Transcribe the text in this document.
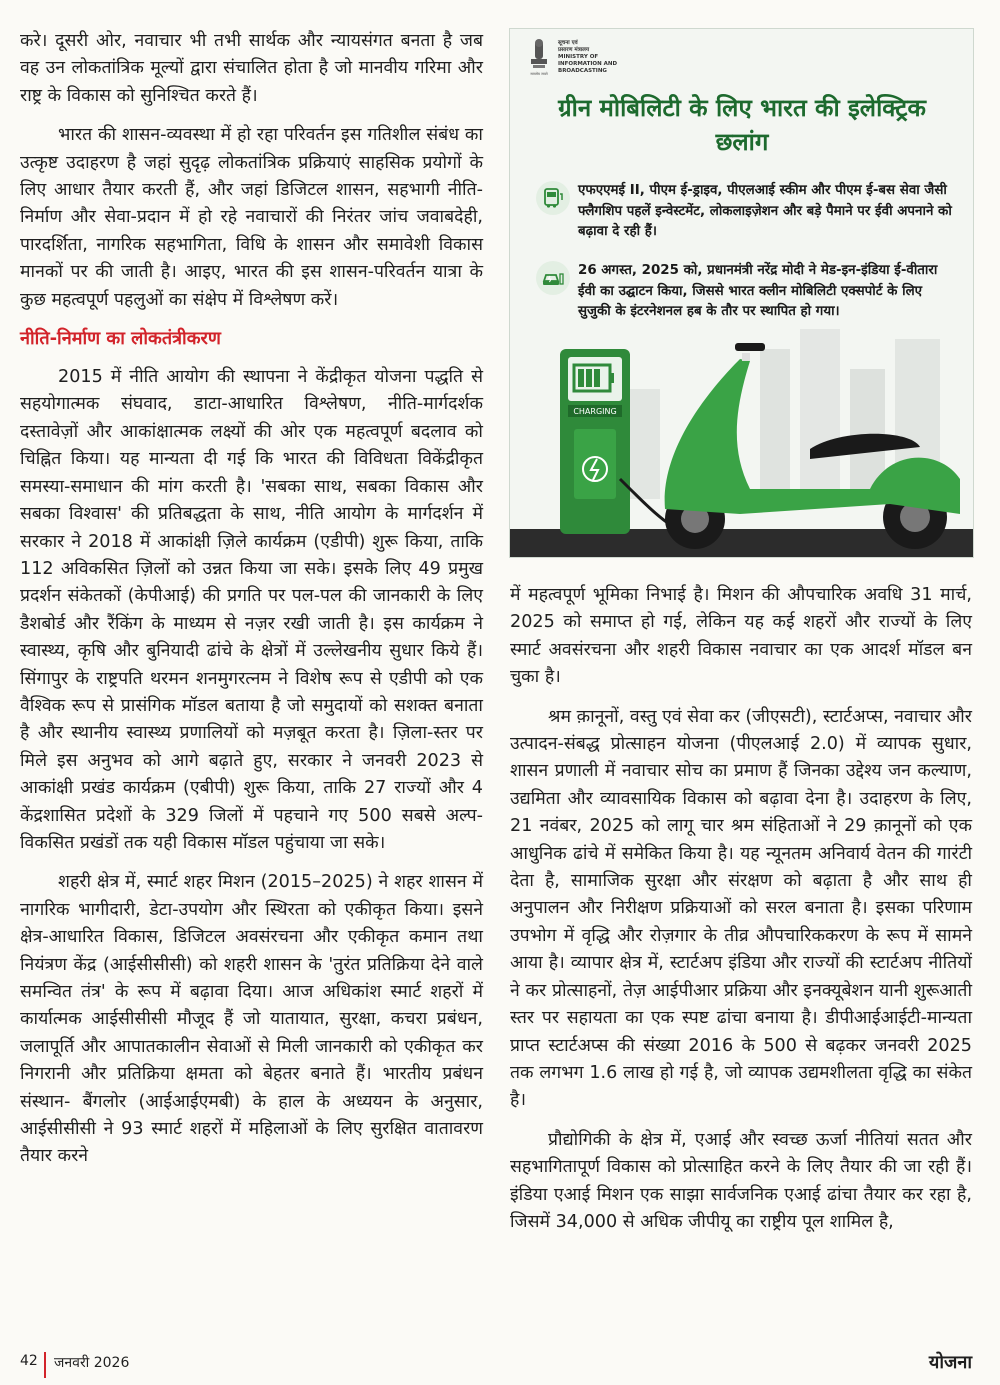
करे। दूसरी ओर, नवाचार भी तभी सार्थक और न्यायसंगत बनता है जब वह उन लोकतांत्रिक मूल्यों द्वारा संचालित होता है जो मानवीय गरिमा और राष्ट्र के विकास को सुनिश्चित करते हैं।

भारत की शासन-व्यवस्था में हो रहा परिवर्तन इस गतिशील संबंध का उत्कृष्ट उदाहरण है जहां सुदृढ़ लोकतांत्रिक प्रक्रियाएं साहसिक प्रयोगों के लिए आधार तैयार करती हैं, और जहां डिजिटल शासन, सहभागी नीति-निर्माण और सेवा-प्रदान में हो रहे नवाचारों की निरंतर जांच जवाबदेही, पारदर्शिता, नागरिक सहभागिता, विधि के शासन और समावेशी विकास मानकों पर की जाती है। आइए, भारत की इस शासन-परिवर्तन यात्रा के कुछ महत्वपूर्ण पहलुओं का संक्षेप में विश्लेषण करें।

नीति-निर्माण का लोकतंत्रीकरण

2015 में नीति आयोग की स्थापना ने केंद्रीकृत योजना पद्धति से सहयोगात्मक संघवाद, डाटा-आधारित विश्लेषण, नीति-मार्गदर्शक दस्तावेज़ों और आकांक्षात्मक लक्ष्यों की ओर एक महत्वपूर्ण बदलाव को चिह्नित किया। यह मान्यता दी गई कि भारत की विविधता विकेंद्रीकृत समस्या-समाधान की मांग करती है। 'सबका साथ, सबका विकास और सबका विश्वास' की प्रतिबद्धता के साथ, नीति आयोग के मार्गदर्शन में सरकार ने 2018 में आकांक्षी ज़िले कार्यक्रम (एडीपी) शुरू किया, ताकि 112 अविकसित ज़िलों को उन्नत किया जा सके। इसके लिए 49 प्रमुख प्रदर्शन संकेतकों (केपीआई) की प्रगति पर पल-पल की जानकारी के लिए डैशबोर्ड और रैंकिंग के माध्यम से नज़र रखी जाती है। इस कार्यक्रम ने स्वास्थ्य, कृषि और बुनियादी ढांचे के क्षेत्रों में उल्लेखनीय सुधार किये हैं। सिंगापुर के राष्ट्रपति थरमन शनमुगरत्नम ने विशेष रूप से एडीपी को एक वैश्विक रूप से प्रासंगिक मॉडल बताया है जो समुदायों को सशक्त बनाता है और स्थानीय स्वास्थ्य प्रणालियों को मज़बूत करता है। ज़िला-स्तर पर मिले इस अनुभव को आगे बढ़ाते हुए, सरकार ने जनवरी 2023 से आकांक्षी प्रखंड कार्यक्रम (एबीपी) शुरू किया, ताकि 27 राज्यों और 4 केंद्रशासित प्रदेशों के 329 जिलों में पहचाने गए 500 सबसे अल्प-विकसित प्रखंडों तक यही विकास मॉडल पहुंचाया जा सके।

शहरी क्षेत्र में, स्मार्ट शहर मिशन (2015–2025) ने शहर शासन में नागरिक भागीदारी, डेटा-उपयोग और स्थिरता को एकीकृत किया। इसने क्षेत्र-आधारित विकास, डिजिटल अवसंरचना और एकीकृत कमान तथा नियंत्रण केंद्र (आईसीसीसी) को शहरी शासन के 'तुरंत प्रतिक्रिया देने वाले समन्वित तंत्र' के रूप में बढ़ावा दिया। आज अधिकांश स्मार्ट शहरों में कार्यात्मक आईसीसीसी मौजूद हैं जो यातायात, सुरक्षा, कचरा प्रबंधन, जलापूर्ति और आपातकालीन सेवाओं से मिली जानकारी को एकीकृत कर निगरानी और प्रतिक्रिया क्षमता को बेहतर बनाते हैं। भारतीय प्रबंधन संस्थान- बैंगलोर (आईआईएमबी) के हाल के अध्ययन के अनुसार, आईसीसीसी ने 93 स्मार्ट शहरों में महिलाओं के लिए सुरक्षित वातावरण तैयार करने

सत्यमेव जयते
सूचना एवं
प्रसारण मंत्रालय
MINISTRY OF
INFORMATION AND
BROADCASTING
ग्रीन मोबिलिटी के लिए भारत की इलेक्ट्रिक छलांग
एफएएमई II, पीएम ई-ड्राइव, पीएलआई स्कीम और पीएम ई-बस सेवा जैसी फ्लैगशिप पहलें इन्वेस्टमेंट, लोकलाइज़ेशन और बड़े पैमाने पर ईवी अपनाने को बढ़ावा दे रही हैं।
26 अगस्त, 2025 को, प्रधानमंत्री नरेंद्र मोदी ने मेड-इन-इंडिया ई-वीतारा ईवी का उद्घाटन किया, जिससे भारत क्लीन मोबिलिटी एक्सपोर्ट के लिए सुजुकी के इंटरनेशनल हब के तौर पर स्थापित हो गया।
CHARGING

में महत्वपूर्ण भूमिका निभाई है। मिशन की औपचारिक अवधि 31 मार्च, 2025 को समाप्त हो गई, लेकिन यह कई शहरों और राज्यों के लिए स्मार्ट अवसंरचना और शहरी विकास नवाचार का एक आदर्श मॉडल बन चुका है।

श्रम क़ानूनों, वस्तु एवं सेवा कर (जीएसटी), स्टार्टअप्स, नवाचार और उत्पादन-संबद्ध प्रोत्साहन योजना (पीएलआई 2.0) में व्यापक सुधार, शासन प्रणाली में नवाचार सोच का प्रमाण हैं जिनका उद्देश्य जन कल्याण, उद्यमिता और व्यावसायिक विकास को बढ़ावा देना है। उदाहरण के लिए, 21 नवंबर, 2025 को लागू चार श्रम संहिताओं ने 29 क़ानूनों को एक आधुनिक ढांचे में समेकित किया है। यह न्यूनतम अनिवार्य वेतन की गारंटी देता है, सामाजिक सुरक्षा और संरक्षण को बढ़ाता है और साथ ही अनुपालन और निरीक्षण प्रक्रियाओं को सरल बनाता है। इसका परिणाम उपभोग में वृद्धि और रोज़गार के तीव्र औपचारिककरण के रूप में सामने आया है। व्यापार क्षेत्र में, स्टार्टअप इंडिया और राज्यों की स्टार्टअप नीतियों ने कर प्रोत्साहनों, तेज़ आईपीआर प्रक्रिया और इनक्यूबेशन यानी शुरूआती स्तर पर सहायता का एक स्पष्ट ढांचा बनाया है। डीपीआईआईटी-मान्यता प्राप्त स्टार्टअप्स की संख्या 2016 के 500 से बढ़कर जनवरी 2025 तक लगभग 1.6 लाख हो गई है, जो व्यापक उद्यमशीलता वृद्धि का संकेत है।

प्रौद्योगिकी के क्षेत्र में, एआई और स्वच्छ ऊर्जा नीतियां सतत और सहभागितापूर्ण विकास को प्रोत्साहित करने के लिए तैयार की जा रही हैं। इंडिया एआई मिशन एक साझा सार्वजनिक एआई ढांचा तैयार कर रहा है, जिसमें 34,000 से अधिक जीपीयू का राष्ट्रीय पूल शामिल है,

42 जनवरी 2026	योजना
